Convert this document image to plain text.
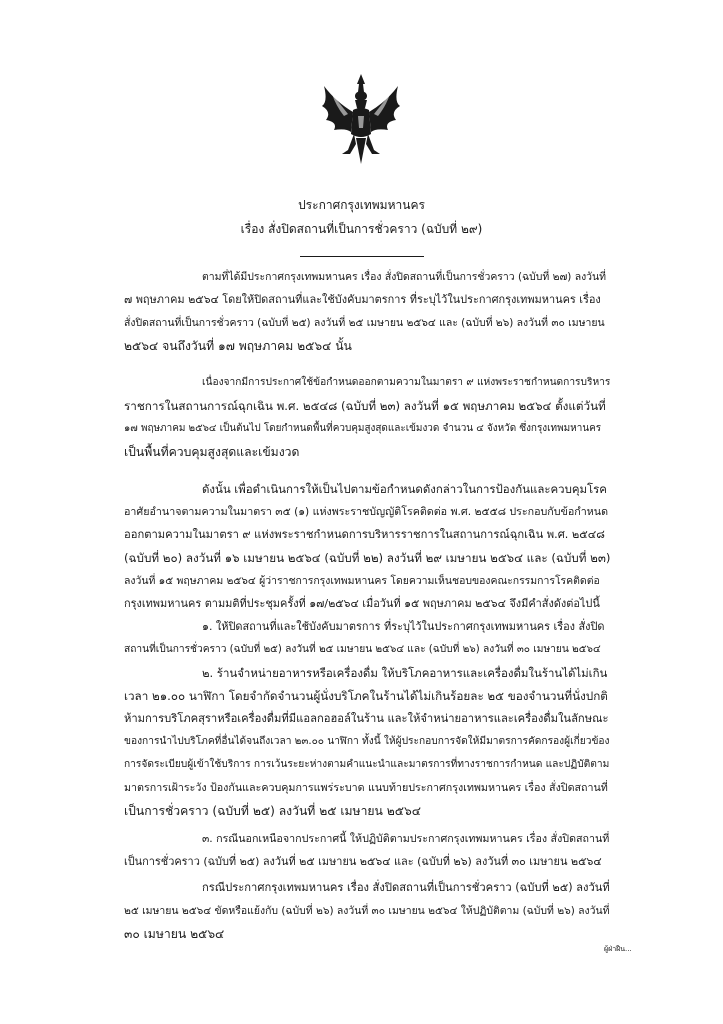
ประกาศกรุงเทพมหานคร
เรื่อง สั่งปิดสถานที่เป็นการชั่วคราว (ฉบับที่ ๒๙)
ตามที่ได้มีประกาศกรุงเทพมหานคร เรื่อง สั่งปิดสถานที่เป็นการชั่วคราว (ฉบับที่ ๒๗) ลงวันที่
๗ พฤษภาคม ๒๕๖๔ โดยให้ปิดสถานที่และใช้บังคับมาตรการ ที่ระบุไว้ในประกาศกรุงเทพมหานคร เรื่อง
สั่งปิดสถานที่เป็นการชั่วคราว (ฉบับที่ ๒๕) ลงวันที่ ๒๕ เมษายน ๒๕๖๔ และ (ฉบับที่ ๒๖) ลงวันที่ ๓๐ เมษายน
๒๕๖๔ จนถึงวันที่ ๑๗ พฤษภาคม ๒๕๖๔ นั้น
เนื่องจากมีการประกาศใช้ข้อกำหนดออกตามความในมาตรา ๙ แห่งพระราชกำหนดการบริหาร
ราชการในสถานการณ์ฉุกเฉิน พ.ศ. ๒๕๔๘ (ฉบับที่ ๒๓) ลงวันที่ ๑๕ พฤษภาคม ๒๕๖๔ ตั้งแต่วันที่
๑๗ พฤษภาคม ๒๕๖๔ เป็นต้นไป โดยกำหนดพื้นที่ควบคุมสูงสุดและเข้มงวด จำนวน ๔ จังหวัด ซึ่งกรุงเทพมหานคร
เป็นพื้นที่ควบคุมสูงสุดและเข้มงวด
ดังนั้น เพื่อดำเนินการให้เป็นไปตามข้อกำหนดดังกล่าวในการป้องกันและควบคุมโรค
อาศัยอำนาจตามความในมาตรา ๓๕ (๑) แห่งพระราชบัญญัติโรคติดต่อ พ.ศ. ๒๕๕๘ ประกอบกับข้อกำหนด
ออกตามความในมาตรา ๙ แห่งพระราชกำหนดการบริหารราชการในสถานการณ์ฉุกเฉิน พ.ศ. ๒๕๔๘
(ฉบับที่ ๒๐) ลงวันที่ ๑๖ เมษายน ๒๕๖๔ (ฉบับที่ ๒๒) ลงวันที่ ๒๙ เมษายน ๒๕๖๔ และ (ฉบับที่ ๒๓)
ลงวันที่ ๑๕ พฤษภาคม ๒๕๖๔ ผู้ว่าราชการกรุงเทพมหานคร โดยความเห็นชอบของคณะกรรมการโรคติดต่อ
กรุงเทพมหานคร ตามมติที่ประชุมครั้งที่ ๑๗/๒๕๖๔ เมื่อวันที่ ๑๕ พฤษภาคม ๒๕๖๔ จึงมีคำสั่งดังต่อไปนี้
๑. ให้ปิดสถานที่และใช้บังคับมาตรการ ที่ระบุไว้ในประกาศกรุงเทพมหานคร เรื่อง สั่งปิด
สถานที่เป็นการชั่วคราว (ฉบับที่ ๒๕) ลงวันที่ ๒๕ เมษายน ๒๕๖๔ และ (ฉบับที่ ๒๖) ลงวันที่ ๓๐ เมษายน ๒๕๖๔
๒. ร้านจำหน่ายอาหารหรือเครื่องดื่ม ให้บริโภคอาหารและเครื่องดื่มในร้านได้ไม่เกิน
เวลา ๒๑.๐๐ นาฬิกา โดยจำกัดจำนวนผู้นั่งบริโภคในร้านได้ไม่เกินร้อยละ ๒๕ ของจำนวนที่นั่งปกติ
ห้ามการบริโภคสุราหรือเครื่องดื่มที่มีแอลกอฮอล์ในร้าน และให้จำหน่ายอาหารและเครื่องดื่มในลักษณะ
ของการนำไปบริโภคที่อื่นได้จนถึงเวลา ๒๓.๐๐ นาฬิกา ทั้งนี้ ให้ผู้ประกอบการจัดให้มีมาตรการคัดกรองผู้เกี่ยวข้อง
การจัดระเบียบผู้เข้าใช้บริการ การเว้นระยะห่างตามคำแนะนำและมาตรการที่ทางราชการกำหนด และปฏิบัติตาม
มาตรการเฝ้าระวัง ป้องกันและควบคุมการแพร่ระบาด แนบท้ายประกาศกรุงเทพมหานคร เรื่อง สั่งปิดสถานที่
เป็นการชั่วคราว (ฉบับที่ ๒๕) ลงวันที่ ๒๕ เมษายน ๒๕๖๔
๓. กรณีนอกเหนือจากประกาศนี้ ให้ปฏิบัติตามประกาศกรุงเทพมหานคร เรื่อง สั่งปิดสถานที่
เป็นการชั่วคราว (ฉบับที่ ๒๕) ลงวันที่ ๒๕ เมษายน ๒๕๖๔ และ (ฉบับที่ ๒๖) ลงวันที่ ๓๐ เมษายน ๒๕๖๔
กรณีประกาศกรุงเทพมหานคร เรื่อง สั่งปิดสถานที่เป็นการชั่วคราว (ฉบับที่ ๒๕) ลงวันที่
๒๕ เมษายน ๒๕๖๔ ขัดหรือแย้งกับ (ฉบับที่ ๒๖) ลงวันที่ ๓๐ เมษายน ๒๕๖๔ ให้ปฏิบัติตาม (ฉบับที่ ๒๖) ลงวันที่
๓๐ เมษายน ๒๕๖๔
ผู้ฝ่าฝืน...
